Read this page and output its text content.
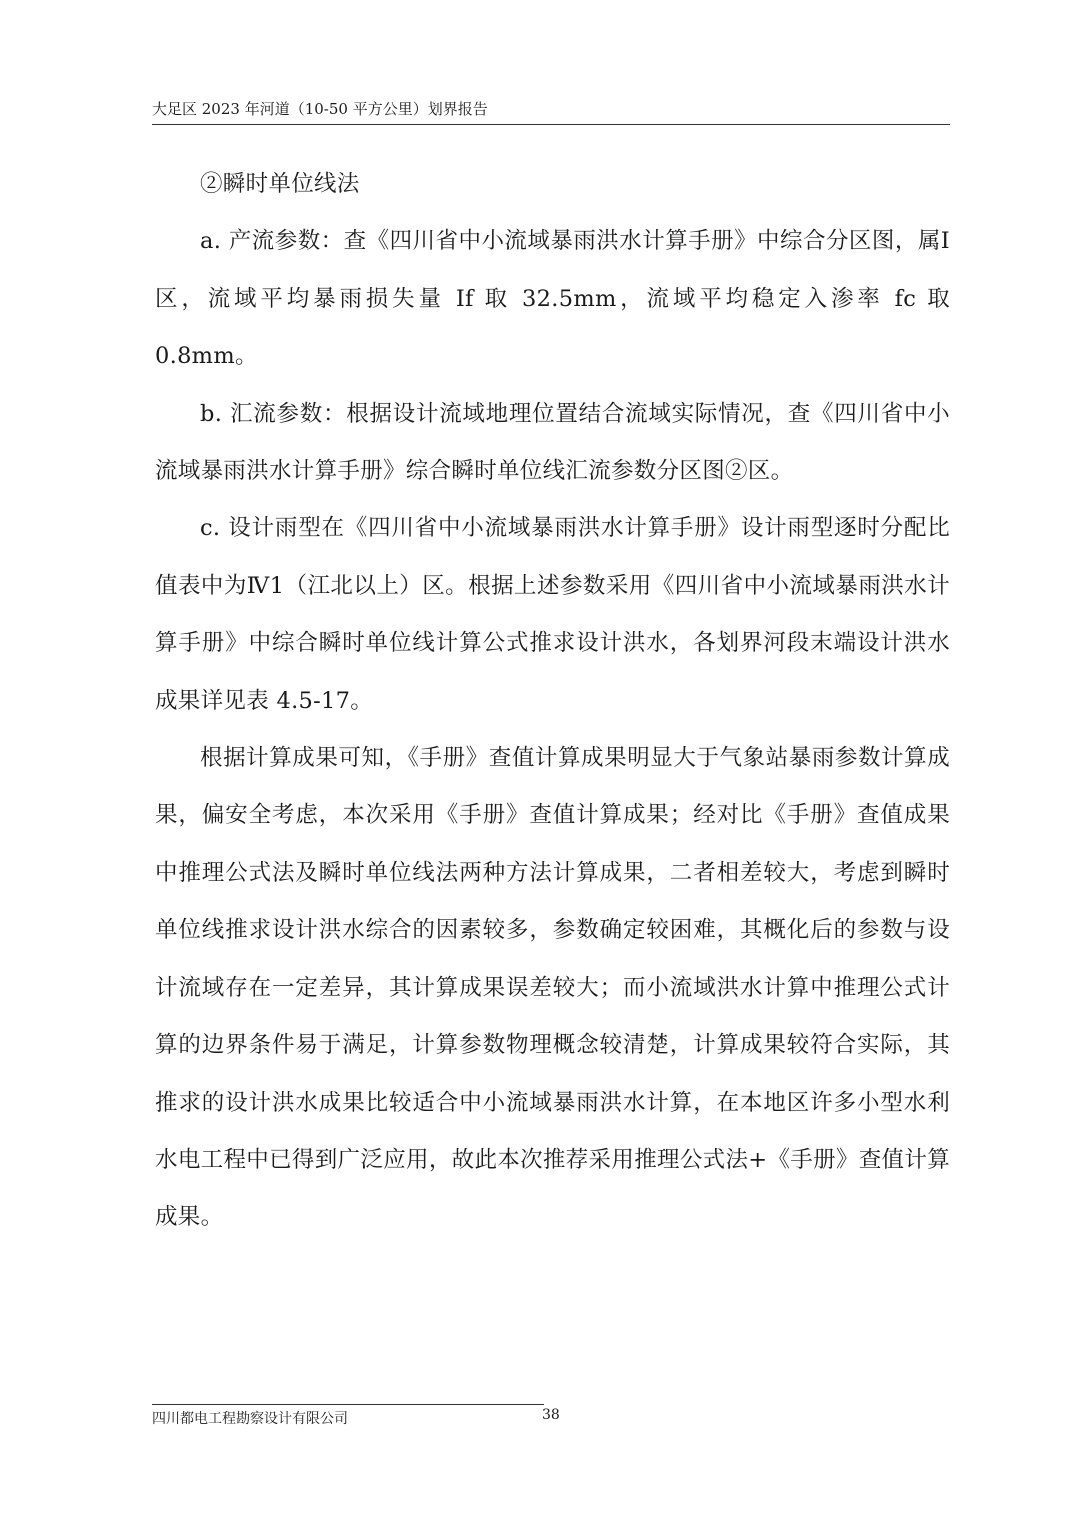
大足区 2023 年河道（10-50 平方公里）划界报告

②瞬时单位线法

a. 产流参数：查《四川省中小流域暴雨洪水计算手册》中综合分区图，属Ⅰ区，流域平均暴雨损失量 If 取 32.5mm，流域平均稳定入渗率 fc 取 0.8mm。

b. 汇流参数：根据设计流域地理位置结合流域实际情况，查《四川省中小流域暴雨洪水计算手册》综合瞬时单位线汇流参数分区图②区。

c. 设计雨型在《四川省中小流域暴雨洪水计算手册》设计雨型逐时分配比值表中为Ⅳ1（江北以上）区。根据上述参数采用《四川省中小流域暴雨洪水计算手册》中综合瞬时单位线计算公式推求设计洪水，各划界河段末端设计洪水成果详见表 4.5-17。

根据计算成果可知，《手册》查值计算成果明显大于气象站暴雨参数计算成果，偏安全考虑，本次采用《手册》查值计算成果；经对比《手册》查值成果中推理公式法及瞬时单位线法两种方法计算成果，二者相差较大，考虑到瞬时单位线推求设计洪水综合的因素较多，参数确定较困难，其概化后的参数与设计流域存在一定差异，其计算成果误差较大；而小流域洪水计算中推理公式计算的边界条件易于满足，计算参数物理概念较清楚，计算成果较符合实际，其推求的设计洪水成果比较适合中小流域暴雨洪水计算，在本地区许多小型水利水电工程中已得到广泛应用，故此本次推荐采用推理公式法+《手册》查值计算成果。

四川都电工程勘察设计有限公司	38
